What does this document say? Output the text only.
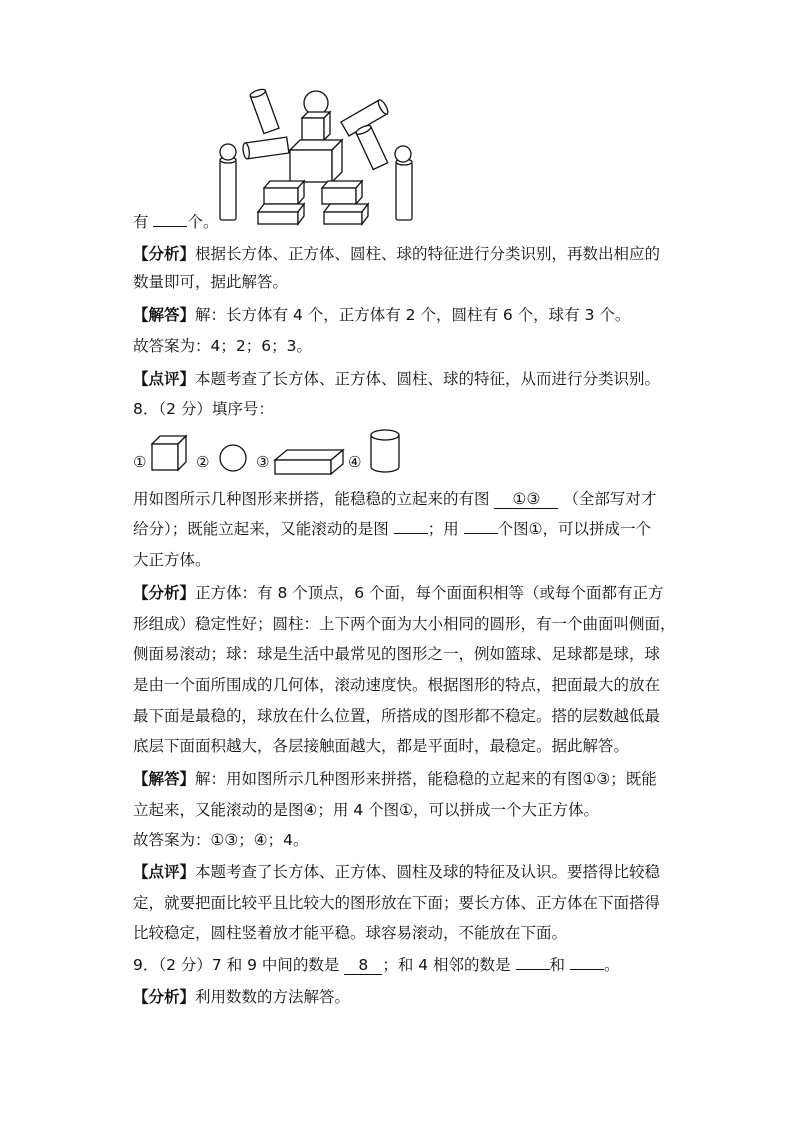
有	个。
【分析】根据长方体、正方体、圆柱、球的特征进行分类识别，再数出相应的
数量即可，据此解答。
【解答】解：长方体有 4 个，正方体有 2 个，圆柱有 6 个，球有 3 个。
故答案为：4；2；6；3。
【点评】本题考查了长方体、正方体、圆柱、球的特征，从而进行分类识别。
8．（2 分）填序号：
①	②	③	④
用如图所示几种图形来拼搭，能稳稳的立起来的有图 ①③ （全部写对才
给分）；既能立起来，又能滚动的是图	；用	个图①，可以拼成一个
大正方体。
【分析】正方体：有 8 个顶点，6 个面，每个面面积相等（或每个面都有正方
形组成）稳定性好；圆柱：上下两个面为大小相同的圆形，有一个曲面叫侧面，
侧面易滚动；球：球是生活中最常见的图形之一，例如篮球、足球都是球，球
是由一个面所围成的几何体，滚动速度快。根据图形的特点，把面最大的放在
最下面是最稳的，球放在什么位置，所搭成的图形都不稳定。搭的层数越低最
底层下面面积越大，各层接触面越大，都是平面时，最稳定。据此解答。
【解答】解：用如图所示几种图形来拼搭，能稳稳的立起来的有图①③；既能
立起来，又能滚动的是图④；用 4 个图①，可以拼成一个大正方体。
故答案为：①③；④；4。
【点评】本题考查了长方体、正方体、圆柱及球的特征及认识。要搭得比较稳
定，就要把面比较平且比较大的图形放在下面；要长方体、正方体在下面搭得
比较稳定，圆柱竖着放才能平稳。球容易滚动，不能放在下面。
9．（2 分）7 和 9 中间的数是 8 ；和 4 相邻的数是	和	。
【分析】利用数数的方法解答。
